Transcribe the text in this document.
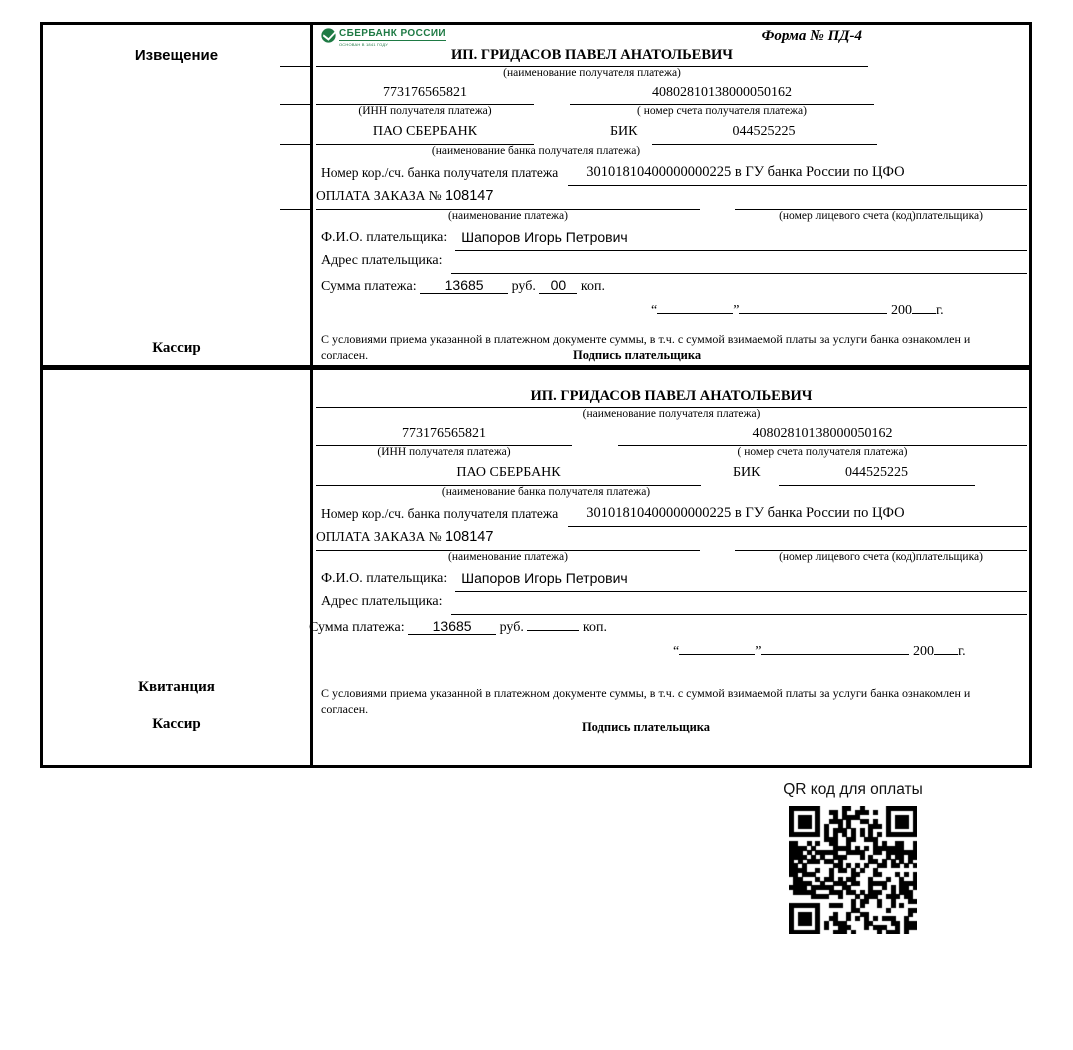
Извещение
Кассир
СБЕРБАНК РОССИИ
ОСНОВАН В 1841 ГОДУ
Форма № ПД-4
ИП. ГРИДАСОВ ПАВЕЛ АНАТОЛЬЕВИЧ
(наименование получателя платежа)
773176565821	40802810138000050162
(ИНН получателя платежа)	( номер счета получателя платежа)
ПАО СБЕРБАНК	БИК	044525225
(наименование банка получателя платежа)
Номер кор./сч. банка получателя платежа	30101810400000000225 в ГУ банка России по ЦФО
ОПЛАТА ЗАКАЗА № 108147
(наименование платежа)	(номер лицевого счета (код)плательщика)
Ф.И.О. плательщика:	Шапоров Игорь Петрович
Адрес плательщика:
Сумма платежа: 13685 руб. 00 коп.
“	”	200 г.
С условиями приема указанной в платежном документе суммы, в т.ч. с суммой взимаемой платы за услуги банка ознакомлен и согласен.	Подпись плательщика
Квитанция
Кассир
ИП. ГРИДАСОВ ПАВЕЛ АНАТОЛЬЕВИЧ
(наименование получателя платежа)
773176565821	40802810138000050162
(ИНН получателя платежа)	( номер счета получателя платежа)
ПАО СБЕРБАНК	БИК	044525225
(наименование банка получателя платежа)
Номер кор./сч. банка получателя платежа	30101810400000000225 в ГУ банка России по ЦФО
ОПЛАТА ЗАКАЗА № 108147
(наименование платежа)	(номер лицевого счета (код)плательщика)
Ф.И.О. плательщика:	Шапоров Игорь Петрович
Адрес плательщика:
Сумма платежа: 13685 руб.	коп.
“	”	200 г.
С условиями приема указанной в платежном документе суммы, в т.ч. с суммой взимаемой платы за услуги банка ознакомлен и согласен.
Подпись плательщика
QR код для оплаты
